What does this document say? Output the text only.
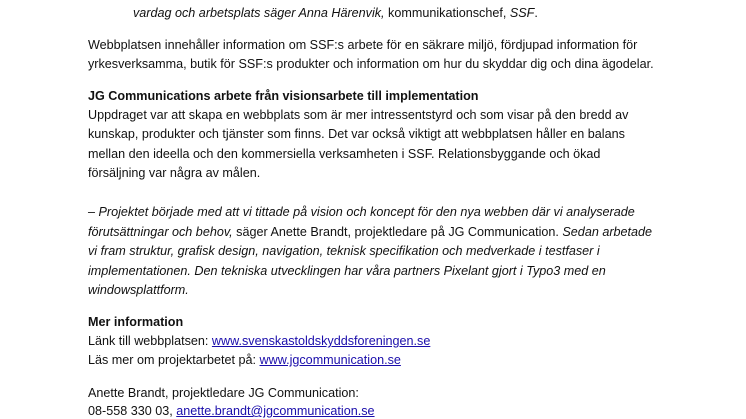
vardag och arbetsplats säger Anna Härenvik, kommunikationschef, SSF.
Webbplatsen innehåller information om SSF:s arbete för en säkrare miljö, fördjupad information för
yrkesverksamma, butik för SSF:s produkter och information om hur du skyddar dig och dina ägodelar.
JG Communications arbete från visionsarbete till implementation
Uppdraget var att skapa en webbplats som är mer intressentstyrd och som visar på den bredd av
kunskap, produkter och tjänster som finns. Det var också viktigt att webbplatsen håller en balans
mellan den ideella och den kommersiella verksamheten i SSF. Relationsbyggande och ökad
försäljning var några av målen.
– Projektet började med att vi tittade på vision och koncept för den nya webben där vi analyserade
förutsättningar och behov, säger Anette Brandt, projektledare på JG Communication. Sedan arbetade
vi fram struktur, grafisk design, navigation, teknisk specifikation och medverkade i testfaser i
implementationen. Den tekniska utvecklingen har våra partners Pixelant gjort i Typo3 med en
windowsplattform.
Mer information
Länk till webbplatsen: www.svenskastoldskyddsforeningen.se
Läs mer om projektarbetet på: www.jgcommunication.se
Anette Brandt, projektledare JG Communication:
08-558 330 03, anette.brandt@jgcommunication.se
